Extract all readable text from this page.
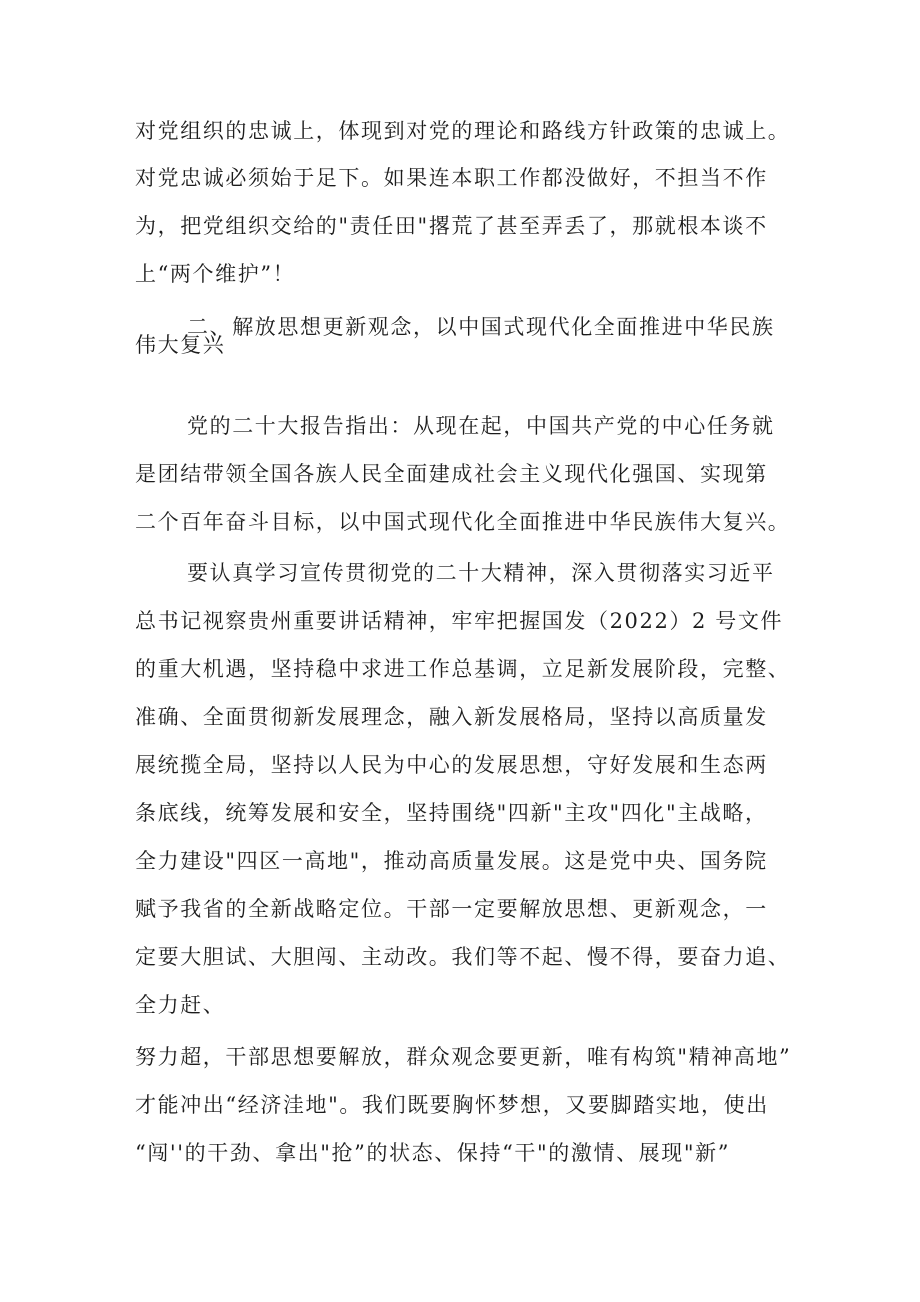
对党组织的忠诚上，体现到对党的理论和路线方针政策的忠诚上。
对党忠诚必须始于足下。如果连本职工作都没做好，不担当不作
为，把党组织交给的"责任田"撂荒了甚至弄丢了，那就根本谈不
上“两个维护”！
二、解放思想更新观念，以中国式现代化全面推进中华民族
伟大复兴
党的二十大报告指出：从现在起，中国共产党的中心任务就
是团结带领全国各族人民全面建成社会主义现代化强国、实现第
二个百年奋斗目标，以中国式现代化全面推进中华民族伟大复兴。
要认真学习宣传贯彻党的二十大精神，深入贯彻落实习近平
总书记视察贵州重要讲话精神，牢牢把握国发（2022）2 号文件
的重大机遇，坚持稳中求进工作总基调，立足新发展阶段，完整、
准确、全面贯彻新发展理念，融入新发展格局，坚持以高质量发
展统揽全局，坚持以人民为中心的发展思想，守好发展和生态两
条底线，统筹发展和安全，坚持围绕"四新"主攻"四化"主战略，
全力建设"四区一高地"，推动高质量发展。这是党中央、国务院
赋予我省的全新战略定位。干部一定要解放思想、更新观念，一
定要大胆试、大胆闯、主动改。我们等不起、慢不得，要奋力追、
全力赶、
努力超，干部思想要解放，群众观念要更新，唯有构筑"精神高地”
才能冲出“经济洼地"。我们既要胸怀梦想，又要脚踏实地，使出
“闯''的干劲、拿出"抢”的状态、保持“干"的激情、展现"新”
